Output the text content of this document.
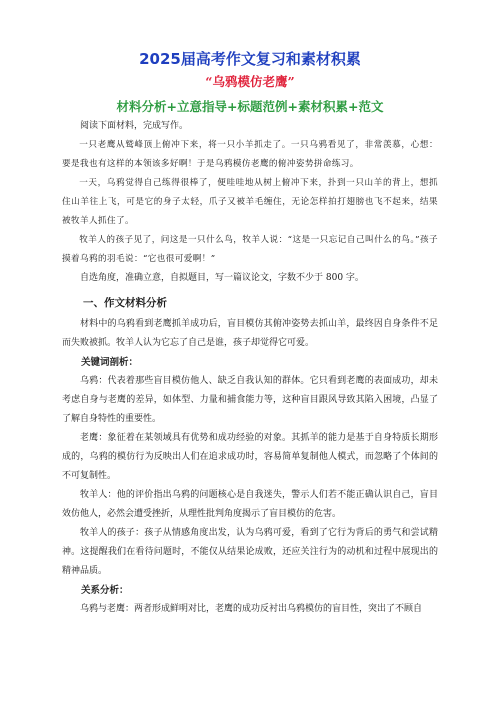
2025届高考作文复习和素材积累
“乌鸦模仿老鹰”
材料分析+立意指导+标题范例+素材积累+范文

阅读下面材料，完成写作。

一只老鹰从鹫峰顶上俯冲下来，将一只小羊抓走了。一只乌鸦看见了，非常羡慕，心想：要是我也有这样的本领该多好啊！于是乌鸦模仿老鹰的俯冲姿势拼命练习。

一天，乌鸦觉得自己练得很棒了，便哇哇地从树上俯冲下来，扑到一只山羊的背上，想抓住山羊往上飞，可是它的身子太轻，爪子又被羊毛缠住，无论怎样拍打翅膀也飞不起来，结果被牧羊人抓住了。

牧羊人的孩子见了，问这是一只什么鸟，牧羊人说：“这是一只忘记自己叫什么的鸟。”孩子摸着乌鸦的羽毛说：“它也很可爱啊！”

自选角度，准确立意，自拟题目，写一篇议论文，字数不少于 800 字。

一、作文材料分析

材料中的乌鸦看到老鹰抓羊成功后，盲目模仿其俯冲姿势去抓山羊，最终因自身条件不足而失败被抓。牧羊人认为它忘了自己是谁，孩子却觉得它可爱。

关键词剖析：

乌鸦：代表着那些盲目模仿他人、缺乏自我认知的群体。它只看到老鹰的表面成功，却未考虑自身与老鹰的差异，如体型、力量和捕食能力等，这种盲目跟风导致其陷入困境，凸显了了解自身特性的重要性。

老鹰：象征着在某领域具有优势和成功经验的对象。其抓羊的能力是基于自身特质长期形成的，乌鸦的模仿行为反映出人们在追求成功时，容易简单复制他人模式，而忽略了个体间的不可复制性。

牧羊人：他的评价指出乌鸦的问题核心是自我迷失，警示人们若不能正确认识自己，盲目效仿他人，必然会遭受挫折，从理性批判角度揭示了盲目模仿的危害。

牧羊人的孩子：孩子从情感角度出发，认为乌鸦可爱，看到了它行为背后的勇气和尝试精神。这提醒我们在看待问题时，不能仅从结果论成败，还应关注行为的动机和过程中展现出的精神品质。

关系分析：

乌鸦与老鹰：两者形成鲜明对比，老鹰的成功反衬出乌鸦模仿的盲目性，突出了不顾自
